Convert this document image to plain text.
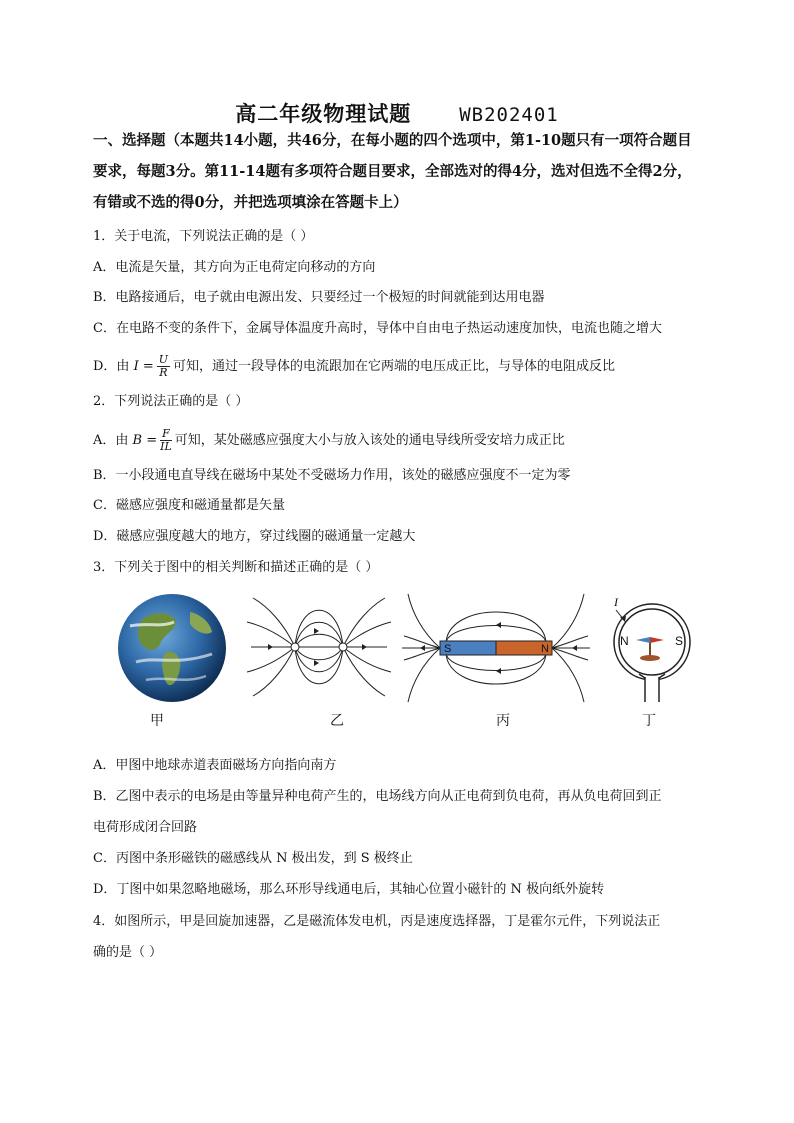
高二年级物理试题	WB202401
一、选择题（本题共14小题，共46分，在每小题的四个选项中，第1-10题只有一项符合题目要求，每题3分。第11-14题有多项符合题目要求，全部选对的得4分，选对但选不全得2分，有错或不选的得0分，并把选项填涂在答题卡上）
1．关于电流，下列说法正确的是（ ）
A．电流是矢量，其方向为正电荷定向移动的方向
B．电路接通后，电子就由电源出发、只要经过一个极短的时间就能到达用电器
C．在电路不变的条件下，金属导体温度升高时，导体中自由电子热运动速度加快，电流也随之增大
D．由 $I = \frac{U}{R}$ 可知，通过一段导体的电流跟加在它两端的电压成正比，与导体的电阻成反比
2．下列说法正确的是（ ）
A．由 $B = \frac{F}{IL}$ 可知，某处磁感应强度大小与放入该处的通电导线所受安培力成正比
B．一小段通电直导线在磁场中某处不受磁场力作用，该处的磁感应强度不一定为零
C．磁感应强度和磁通量都是矢量
D．磁感应强度越大的地方，穿过线圈的磁通量一定越大
3．下列关于图中的相关判断和描述正确的是（ ）
S	N
N	S
I
甲	乙	丙	丁
A．甲图中地球赤道表面磁场方向指向南方
B．乙图中表示的电场是由等量异种电荷产生的，电场线方向从正电荷到负电荷，再从负电荷回到正
电荷形成闭合回路
C．丙图中条形磁铁的磁感线从 N 极出发，到 S 极终止
D．丁图中如果忽略地磁场，那么环形导线通电后，其轴心位置小磁针的 N 极向纸外旋转
4．如图所示，甲是回旋加速器，乙是磁流体发电机，丙是速度选择器，丁是霍尔元件，下列说法正
确的是（ ）
